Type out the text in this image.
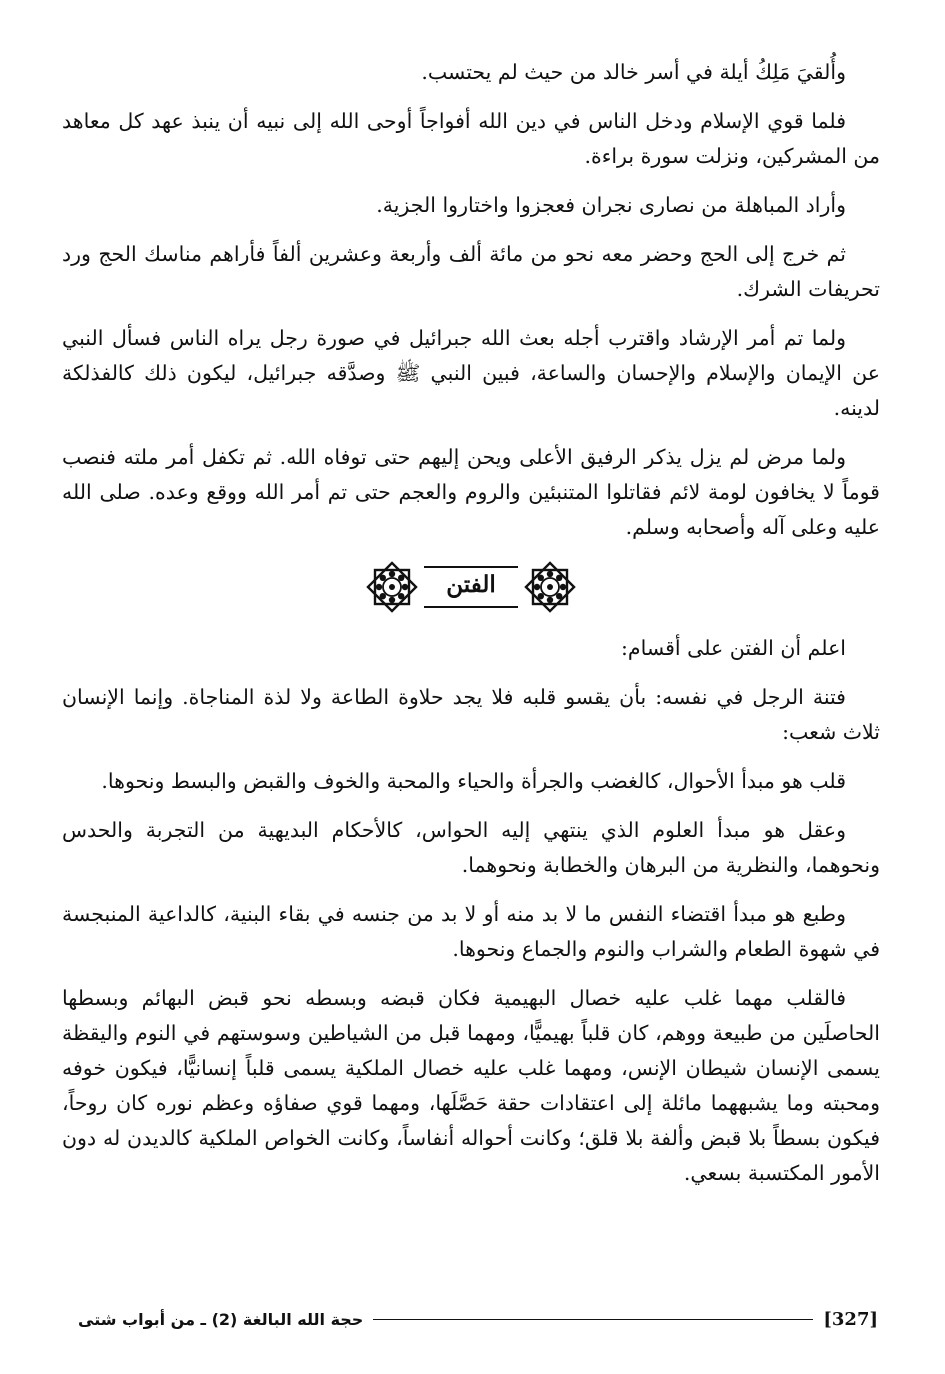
وأُلقيَ مَلِكُ أيلة في أسر خالد من حيث لم يحتسب.

فلما قوي الإسلام ودخل الناس في دين الله أفواجاً أوحى الله إلى نبيه أن ينبذ عهد كل معاهد من المشركين، ونزلت سورة براءة.

وأراد المباهلة من نصارى نجران فعجزوا واختاروا الجزية.

ثم خرج إلى الحج وحضر معه نحو من مائة ألف وأربعة وعشرين ألفاً فأراهم مناسك الحج ورد تحريفات الشرك.

ولما تم أمر الإرشاد واقترب أجله بعث الله جبرائيل في صورة رجل يراه الناس فسأل النبي عن الإيمان والإسلام والإحسان والساعة، فبين النبي ﷺ وصدَّقه جبرائيل، ليكون ذلك كالفذلكة لدينه.

ولما مرض لم يزل يذكر الرفيق الأعلى ويحن إليهم حتى توفاه الله. ثم تكفل أمر ملته فنصب قوماً لا يخافون لومة لائم فقاتلوا المتنبئين والروم والعجم حتى تم أمر الله ووقع وعده. صلى الله عليه وعلى آله وأصحابه وسلم.

الفتن

اعلم أن الفتن على أقسام:

فتنة الرجل في نفسه: بأن يقسو قلبه فلا يجد حلاوة الطاعة ولا لذة المناجاة. وإنما الإنسان ثلاث شعب:

قلب هو مبدأ الأحوال، كالغضب والجرأة والحياء والمحبة والخوف والقبض والبسط ونحوها.

وعقل هو مبدأ العلوم الذي ينتهي إليه الحواس، كالأحكام البديهية من التجربة والحدس ونحوهما، والنظرية من البرهان والخطابة ونحوهما.

وطبع هو مبدأ اقتضاء النفس ما لا بد منه أو لا بد من جنسه في بقاء البنية، كالداعية المنبجسة في شهوة الطعام والشراب والنوم والجماع ونحوها.

فالقلب مهما غلب عليه خصال البهيمية فكان قبضه وبسطه نحو قبض البهائم وبسطها الحاصلَين من طبيعة ووهم، كان قلباً بهيميًّا، ومهما قبل من الشياطين وسوستهم في النوم واليقظة يسمى الإنسان شيطان الإنس، ومهما غلب عليه خصال الملكية يسمى قلباً إنسانيًّا، فيكون خوفه ومحبته وما يشبههما مائلة إلى اعتقادات حقة حَصَّلَها، ومهما قوي صفاؤه وعظم نوره كان روحاً، فيكون بسطاً بلا قبض وألفة بلا قلق؛ وكانت أحواله أنفاساً، وكانت الخواص الملكية كالديدن له دون الأمور المكتسبة بسعي.

حجة الله البالغة (2) ـ من أبواب شتى	[327]
